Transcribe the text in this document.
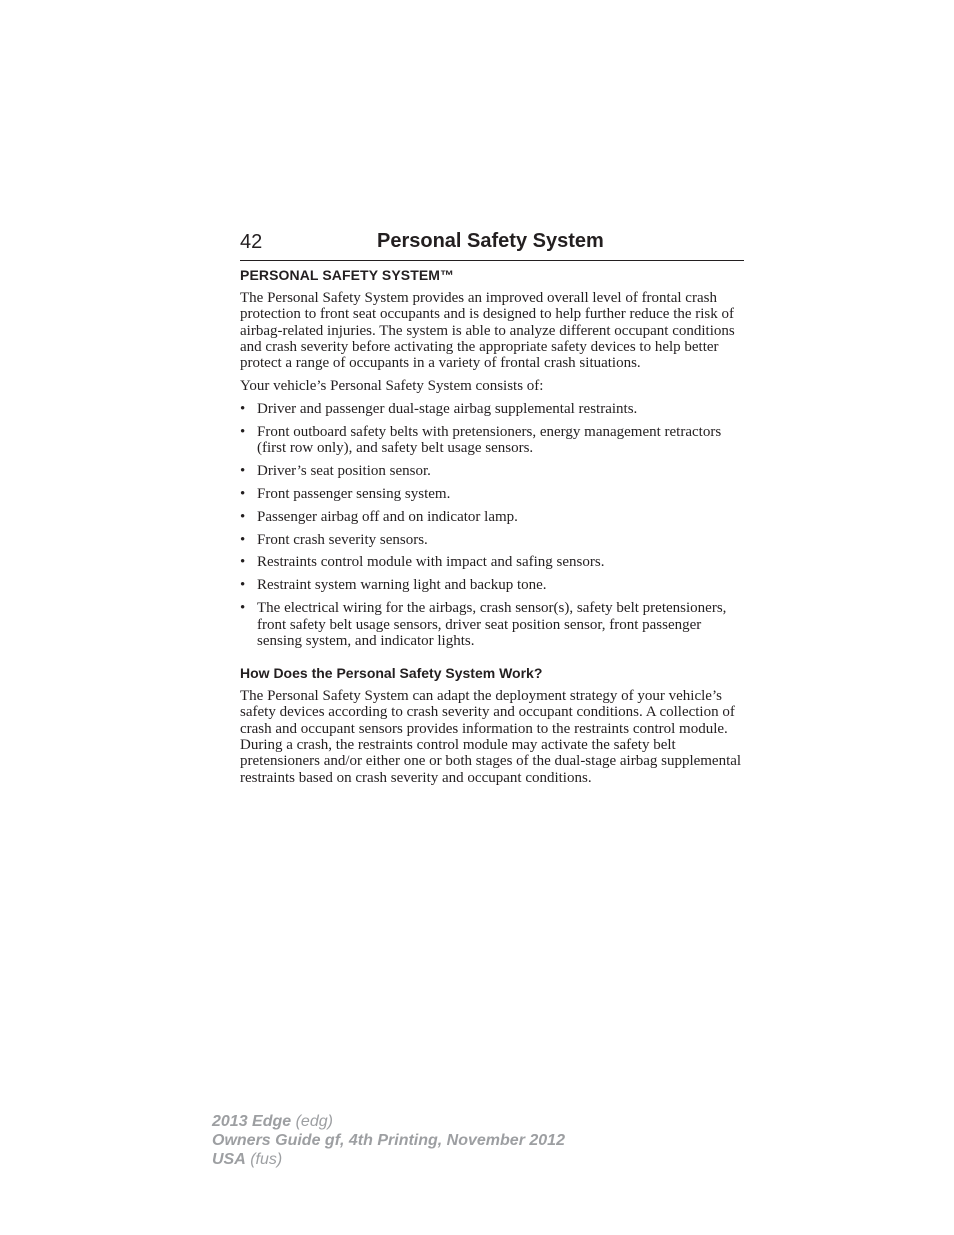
42	Personal Safety System
PERSONAL SAFETY SYSTEM™

The Personal Safety System provides an improved overall level of frontal crash protection to front seat occupants and is designed to help further reduce the risk of airbag-related injuries. The system is able to analyze different occupant conditions and crash severity before activating the appropriate safety devices to help better protect a range of occupants in a variety of frontal crash situations.

Your vehicle’s Personal Safety System consists of:

• Driver and passenger dual-stage airbag supplemental restraints.
• Front outboard safety belts with pretensioners, energy management retractors (first row only), and safety belt usage sensors.
• Driver’s seat position sensor.
• Front passenger sensing system.
• Passenger airbag off and on indicator lamp.
• Front crash severity sensors.
• Restraints control module with impact and safing sensors.
• Restraint system warning light and backup tone.
• The electrical wiring for the airbags, crash sensor(s), safety belt pretensioners, front safety belt usage sensors, driver seat position sensor, front passenger sensing system, and indicator lights.
How Does the Personal Safety System Work?

The Personal Safety System can adapt the deployment strategy of your vehicle’s safety devices according to crash severity and occupant conditions. A collection of crash and occupant sensors provides information to the restraints control module. During a crash, the restraints control module may activate the safety belt pretensioners and/or either one or both stages of the dual-stage airbag supplemental restraints based on crash severity and occupant conditions.

2013 Edge (edg)
Owners Guide gf, 4th Printing, November 2012
USA (fus)
